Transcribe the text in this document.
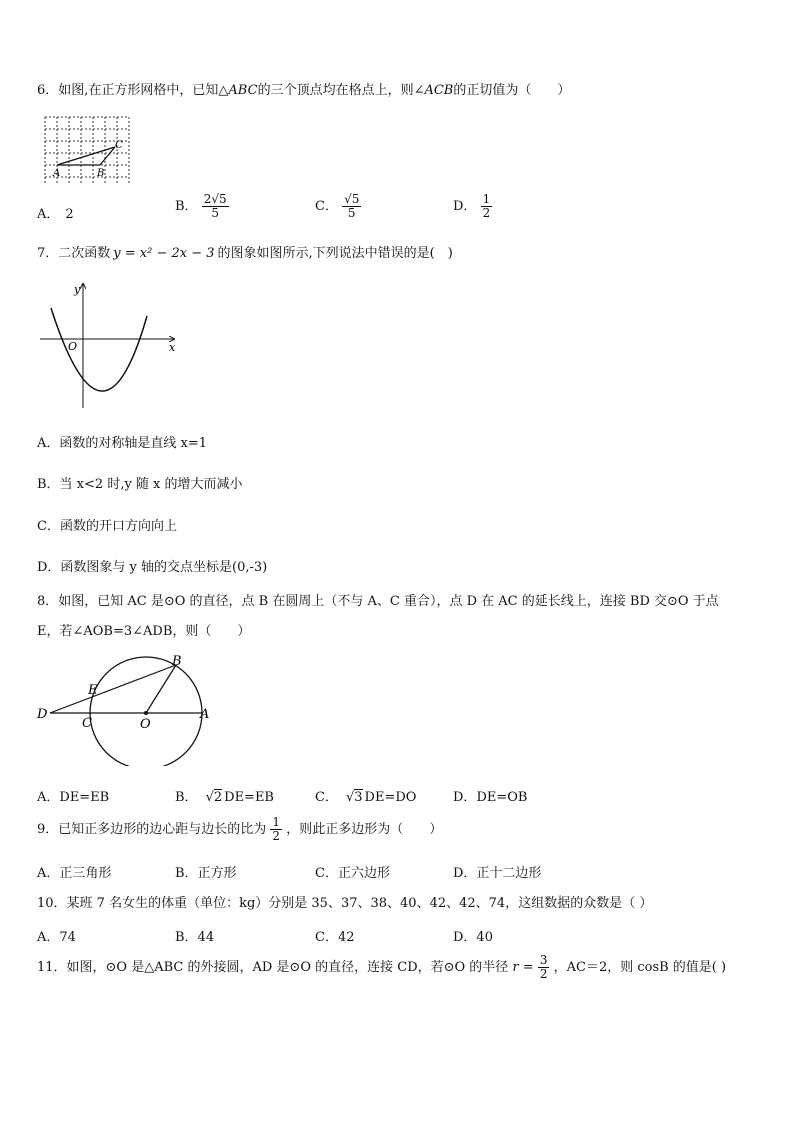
6．如图,在正方形网格中，已知△ABC的三个顶点均在格点上，则∠ACB的正切值为（　　）
A	B
C
A． 2
B． $\frac{2√5}{5}$	C． $\frac{√5}{5}$	D． $\frac{1}{2}$
7．二次函数 y = x² − 2x − 3 的图象如图所示,下列说法中错误的是(　)
y
x
O
A．函数的对称轴是直线 x=1
B．当 x<2 时,y 随 x 的增大而减小
C．函数的开口方向向上
D．函数图象与 y 轴的交点坐标是(0,-3)
8．如图，已知 AC 是⊙O 的直径，点 B 在圆周上（不与 A、C 重合），点 D 在 AC 的延长线上，连接 BD 交⊙O 于点
E，若∠AOB=3∠ADB，则（　　）
B
E
D
C	O
A
A．DE=EB	B． √2 DE=EB	C． √3 DE=DO	D．DE=OB
9．已知正多边形的边心距与边长的比为 $\frac{1}{2}$ ，则此正多边形为（　　）
A．正三角形	B．正方形	C．正六边形	D．正十二边形
10．某班 7 名女生的体重（单位：kg）分别是 35、37、38、40、42、42、74，这组数据的众数是（ ）
A．74	B．44	C．42	D．40
11．如图，⊙O 是△ABC 的外接圆，AD 是⊙O 的直径，连接 CD，若⊙O 的半径 $r = \frac{3}{2}$ ，AC＝2，则 cosB 的值是( )
